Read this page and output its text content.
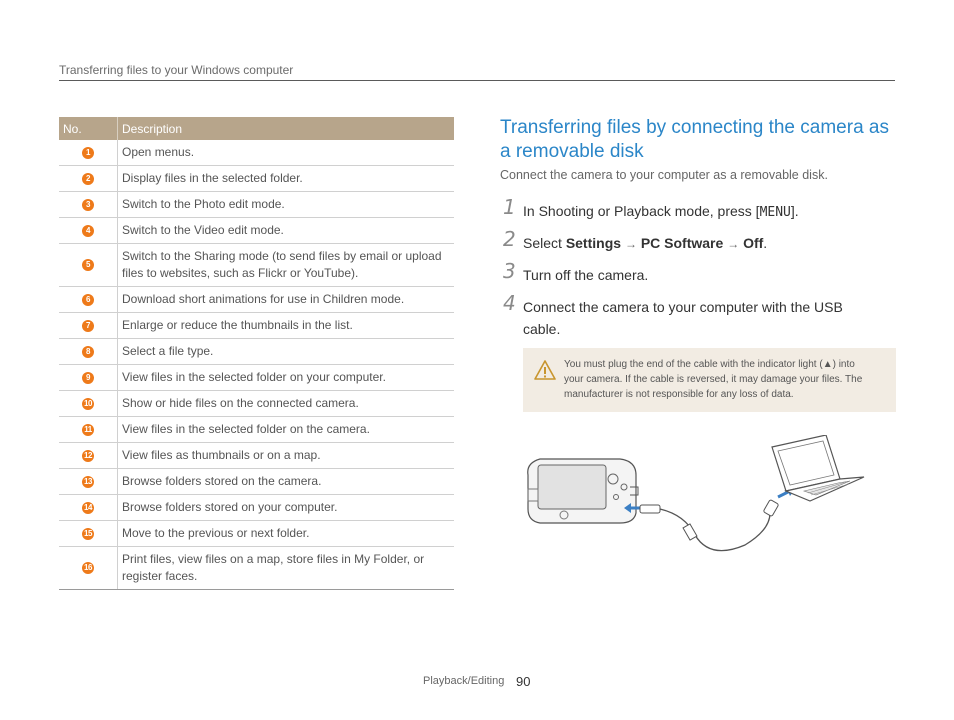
Transferring files to your Windows computer
No.	Description
1	Open menus.
2	Display files in the selected folder.
3	Switch to the Photo edit mode.
4	Switch to the Video edit mode.
5	Switch to the Sharing mode (to send files by email or upload files to websites, such as Flickr or YouTube).
6	Download short animations for use in Children mode.
7	Enlarge or reduce the thumbnails in the list.
8	Select a file type.
9	View files in the selected folder on your computer.
10	Show or hide files on the connected camera.
11	View files in the selected folder on the camera.
12	View files as thumbnails or on a map.
13	Browse folders stored on the camera.
14	Browse folders stored on your computer.
15	Move to the previous or next folder.
16	Print files, view files on a map, store files in My Folder, or register faces.
Transferring files by connecting the camera as a removable disk
Connect the camera to your computer as a removable disk.
1 In Shooting or Playback mode, press [MENU].
2 Select Settings → PC Software → Off.
3 Turn off the camera.
4 Connect the camera to your computer with the USB cable.
You must plug the end of the cable with the indicator light (▲) into your camera. If the cable is reversed, it may damage your files. The manufacturer is not responsible for any loss of data.
Playback/Editing 90
